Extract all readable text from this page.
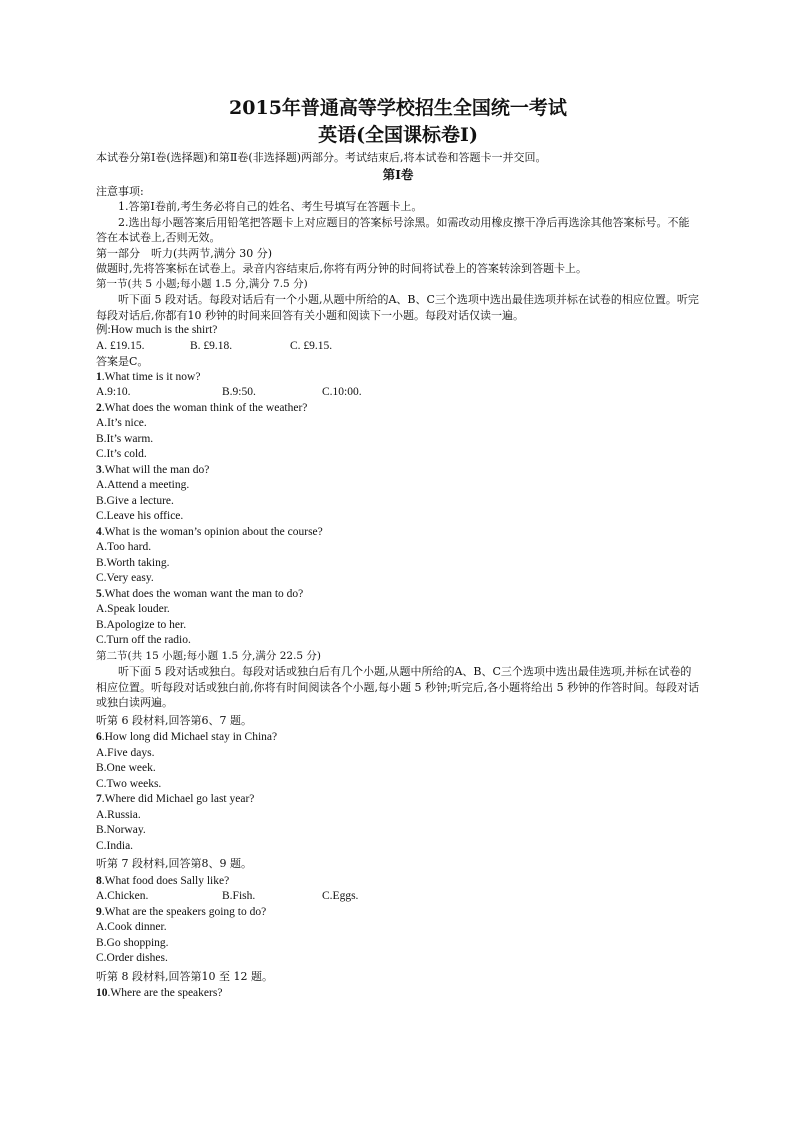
2015年普通高等学校招生全国统一考试

英语(全国课标卷Ⅰ)

本试卷分第Ⅰ卷(选择题)和第Ⅱ卷(非选择题)两部分。考试结束后,将本试卷和答题卡一并交回。

第Ⅰ卷

注意事项:

1.答第Ⅰ卷前,考生务必将自己的姓名、考生号填写在答题卡上。

2.选出每小题答案后用铅笔把答题卡上对应题目的答案标号涂黑。如需改动用橡皮擦干净后再选涂其他答案标号。不能答在本试卷上,否则无效。

第一部分　听力(共两节,满分 30 分)

做题时,先将答案标在试卷上。录音内容结束后,你将有两分钟的时间将试卷上的答案转涂到答题卡上。

第一节(共 5 小题;每小题 1.5 分,满分 7.5 分)

听下面 5 段对话。每段对话后有一个小题,从题中所给的A、B、C三个选项中选出最佳选项并标在试卷的相应位置。听完每段对话后,你都有10 秒钟的时间来回答有关小题和阅读下一小题。每段对话仅读一遍。

例:How much is the shirt?

A. £19.15.	B. £9.18.	C. £9.15.

答案是C。

1.What time is it now?

A.9:10.	B.9:50.	C.10:00.

2.What does the woman think of the weather?

A.It’s nice.

B.It’s warm.

C.It’s cold.

3.What will the man do?

A.Attend a meeting.

B.Give a lecture.

C.Leave his office.

4.What is the woman’s opinion about the course?

A.Too hard.

B.Worth taking.

C.Very easy.

5.What does the woman want the man to do?

A.Speak louder.

B.Apologize to her.

C.Turn off the radio.

第二节(共 15 小题;每小题 1.5 分,满分 22.5 分)

听下面 5 段对话或独白。每段对话或独白后有几个小题,从题中所给的A、B、C三个选项中选出最佳选项,并标在试卷的相应位置。听每段对话或独白前,你将有时间阅读各个小题,每小题 5 秒钟;听完后,各小题将给出 5 秒钟的作答时间。每段对话或独白读两遍。

听第 6 段材料,回答第6、7 题。

6.How long did Michael stay in China?

A.Five days.

B.One week.

C.Two weeks.

7.Where did Michael go last year?

A.Russia.

B.Norway.

C.India.

听第 7 段材料,回答第8、9 题。

8.What food does Sally like?

A.Chicken.	B.Fish.	C.Eggs.

9.What are the speakers going to do?

A.Cook dinner.

B.Go shopping.

C.Order dishes.

听第 8 段材料,回答第10 至 12 题。

10.Where are the speakers?
